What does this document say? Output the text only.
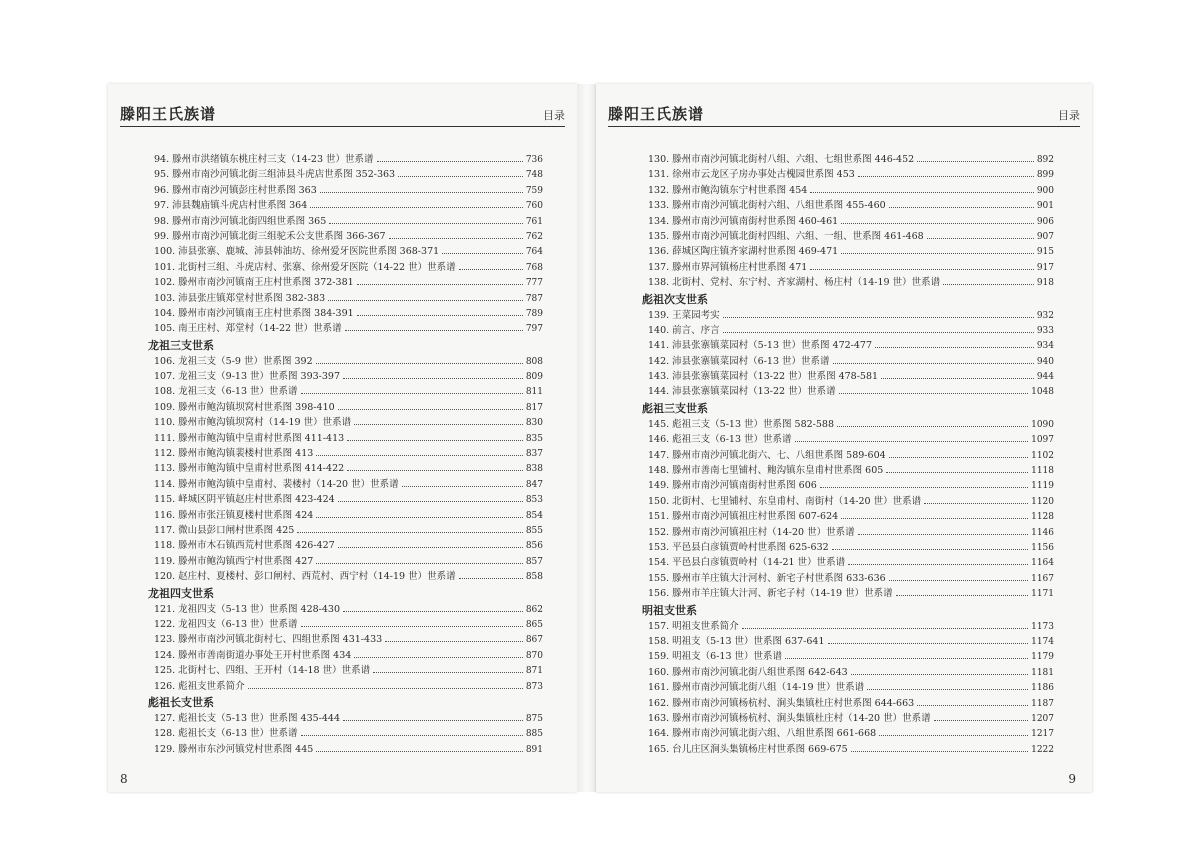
滕阳王氏族谱	目录
94. 滕州市洪绪镇东桃庄村三支（14-23 世）世系谱	736
95. 滕州市南沙河镇北街三组沛县斗虎店世系图 352-363	748
96. 滕州市南沙河镇彭庄村世系图 363	759
97. 沛县魏庙镇斗虎店村世系图 364	760
98. 滕州市南沙河镇北街四组世系图 365	761
99. 滕州市南沙河镇北街三组驼禾公支世系图 366-367	762
100. 沛县张寨、鹿城、沛县韩油坊、徐州爱牙医院世系图 368-371	764
101. 北街村三组、斗虎店村、张寨、徐州爱牙医院（14-22 世）世系谱	768
102. 滕州市南沙河镇南王庄村世系图 372-381	777
103. 沛县张庄镇郑堂村世系图 382-383	787
104. 滕州市南沙河镇南王庄村世系图 384-391	789
105. 南王庄村、郑堂村（14-22 世）世系谱	797
龙祖三支世系
106. 龙祖三支（5-9 世）世系图 392	808
107. 龙祖三支（9-13 世）世系图 393-397	809
108. 龙祖三支（6-13 世）世系谱	811
109. 滕州市鲍沟镇坝窝村世系图 398-410	817
110. 滕州市鲍沟镇坝窝村（14-19 世）世系谱	830
111. 滕州市鲍沟镇中皇甫村世系图 411-413	835
112. 滕州市鲍沟镇裴楼村世系图 413	837
113. 滕州市鲍沟镇中皇甫村世系图 414-422	838
114. 滕州市鲍沟镇中皇甫村、裴楼村（14-20 世）世系谱	847
115. 峄城区阴平镇赵庄村世系图 423-424	853
116. 滕州市张汪镇夏楼村世系图 424	854
117. 微山县彭口闸村世系图 425	855
118. 滕州市木石镇西荒村世系图 426-427	856
119. 滕州市鲍沟镇西宁村世系图 427	857
120. 赵庄村、夏楼村、彭口闸村、西荒村、西宁村（14-19 世）世系谱	858
龙祖四支世系
121. 龙祖四支（5-13 世）世系图 428-430	862
122. 龙祖四支（6-13 世）世系谱	865
123. 滕州市南沙河镇北街村七、四组世系图 431-433	867
124. 滕州市善南街道办事处王开村世系图 434	870
125. 北街村七、四组、王开村（14-18 世）世系谱	871
126. 彪祖支世系简介	873
彪祖长支世系
127. 彪祖长支（5-13 世）世系图 435-444	875
128. 彪祖长支（6-13 世）世系谱	885
129. 滕州市东沙河镇党村世系图 445	891
8
滕阳王氏族谱	目录
130. 滕州市南沙河镇北街村八组、六组、七组世系图 446-452	892
131. 徐州市云龙区子房办事处古槐园世系图 453	899
132. 滕州市鲍沟镇东宁村世系图 454	900
133. 滕州市南沙河镇北街村六组、八组世系图 455-460	901
134. 滕州市南沙河镇南街村世系图 460-461	906
135. 滕州市南沙河镇北街村四组、六组、一组、世系图 461-468	907
136. 薛城区陶庄镇齐家湖村世系图 469-471	915
137. 滕州市界河镇杨庄村世系图 471	917
138. 北街村、党村、东宁村、齐家湖村、杨庄村（14-19 世）世系谱	918
彪祖次支世系
139. 王菜园考实	932
140. 前言、序言	933
141. 沛县张寨镇菜园村（5-13 世）世系图 472-477	934
142. 沛县张寨镇菜园村（6-13 世）世系谱	940
143. 沛县张寨镇菜园村（13-22 世）世系图 478-581	944
144. 沛县张寨镇菜园村（13-22 世）世系谱	1048
彪祖三支世系
145. 彪祖三支（5-13 世）世系图 582-588	1090
146. 彪祖三支（6-13 世）世系谱	1097
147. 滕州市南沙河镇北街六、七、八组世系图 589-604	1102
148. 滕州市善南七里铺村、鲍沟镇东皇甫村世系图 605	1118
149. 滕州市南沙河镇南街村世系图 606	1119
150. 北街村、七里铺村、东皇甫村、南街村（14-20 世）世系谱	1120
151. 滕州市南沙河镇祖庄村世系图 607-624	1128
152. 滕州市南沙河镇祖庄村（14-20 世）世系谱	1146
153. 平邑县白彦镇贾岭村世系图 625-632	1156
154. 平邑县白彦镇贾岭村（14-21 世）世系谱	1164
155. 滕州市羊庄镇大汁河村、新宅子村世系图 633-636	1167
156. 滕州市羊庄镇大汁河、新宅子村（14-19 世）世系谱	1171
明祖支世系
157. 明祖支世系简介	1173
158. 明祖支（5-13 世）世系图 637-641	1174
159. 明祖支（6-13 世）世系谱	1179
160. 滕州市南沙河镇北街八组世系图 642-643	1181
161. 滕州市南沙河镇北街八组（14-19 世）世系谱	1186
162. 滕州市南沙河镇杨杭村、涧头集镇杜庄村世系图 644-663	1187
163. 滕州市南沙河镇杨杭村、涧头集镇杜庄村（14-20 世）世系谱	1207
164. 滕州市南沙河镇北街六组、八组世系图 661-668	1217
165. 台儿庄区涧头集镇杨庄村世系图 669-675	1222
9
